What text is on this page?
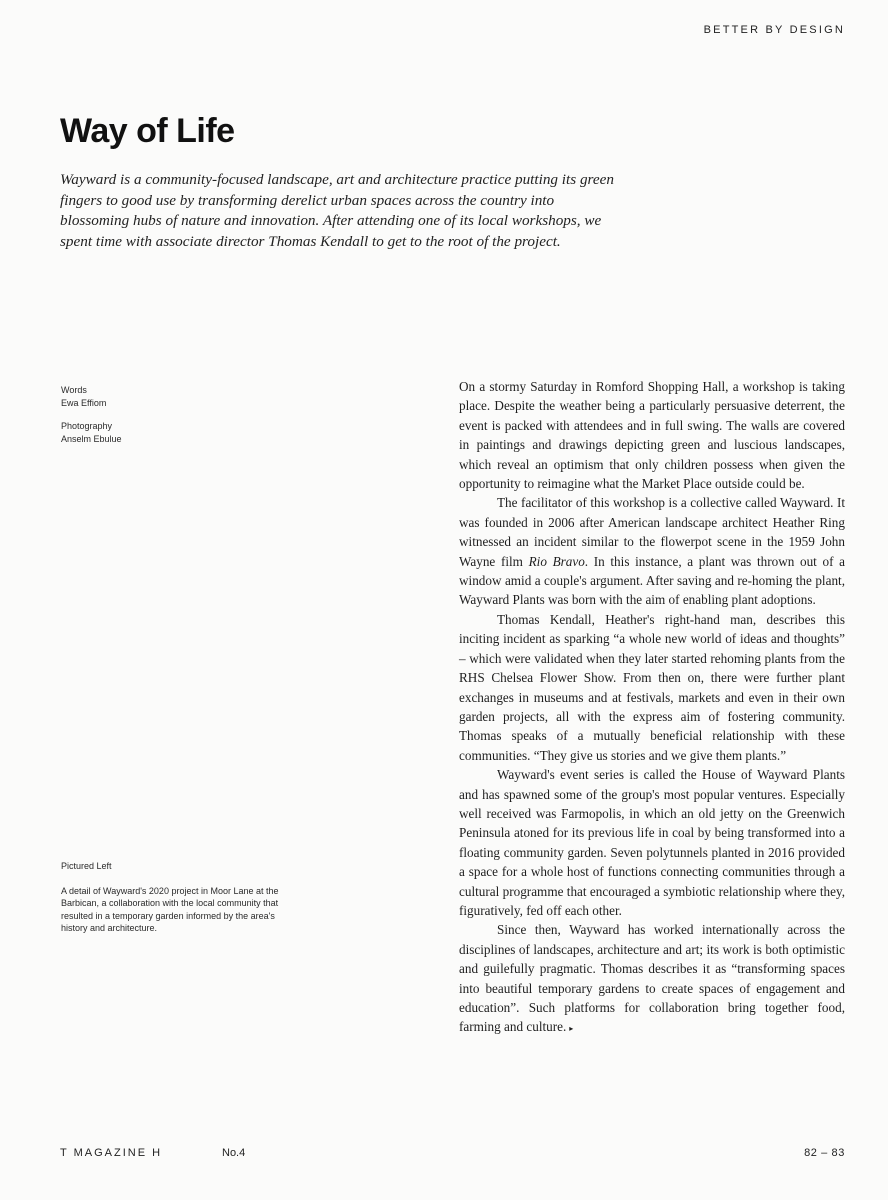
BETTER BY DESIGN
Way of Life

Wayward is a community-focused landscape, art and architecture practice putting its green fingers to good use by transforming derelict urban spaces across the country into blossoming hubs of nature and innovation. After attending one of its local workshops, we spent time with associate director Thomas Kendall to get to the root of the project.

Words
Ewa Effiom
Photography
Anselm Ebulue
Pictured Left
A detail of Wayward's 2020 project in Moor Lane at the Barbican, a collaboration with the local community that resulted in a temporary garden informed by the area's history and architecture.

On a stormy Saturday in Romford Shopping Hall, a workshop is taking place. Despite the weather being a particularly persuasive deterrent, the event is packed with attendees and in full swing. The walls are covered in paintings and drawings depicting green and luscious landscapes, which reveal an optimism that only children possess when given the opportunity to reimagine what the Market Place outside could be.

The facilitator of this workshop is a collective called Wayward. It was founded in 2006 after American landscape architect Heather Ring witnessed an incident similar to the flowerpot scene in the 1959 John Wayne film Rio Bravo. In this instance, a plant was thrown out of a window amid a couple's argument. After saving and re-homing the plant, Wayward Plants was born with the aim of enabling plant adoptions.

Thomas Kendall, Heather's right-hand man, describes this inciting incident as sparking “a whole new world of ideas and thoughts” – which were validated when they later started rehoming plants from the RHS Chelsea Flower Show. From then on, there were further plant exchanges in museums and at festivals, markets and even in their own garden projects, all with the express aim of fostering community. Thomas speaks of a mutually beneficial relationship with these communities. “They give us stories and we give them plants.”

Wayward's event series is called the House of Wayward Plants and has spawned some of the group's most popular ventures. Especially well received was Farmopolis, in which an old jetty on the Greenwich Peninsula atoned for its previous life in coal by being transformed into a floating community garden. Seven polytunnels planted in 2016 provided a space for a whole host of functions connecting communities through a cultural programme that encouraged a symbiotic relationship where they, figuratively, fed off each other.

Since then, Wayward has worked internationally across the disciplines of landscapes, architecture and art; its work is both optimistic and guilefully pragmatic. Thomas describes it as “transforming spaces into beautiful temporary gardens to create spaces of engagement and education”. Such platforms for collaboration bring together food, farming and culture. ▸

T MAGAZINE H	No.4	82 – 83
